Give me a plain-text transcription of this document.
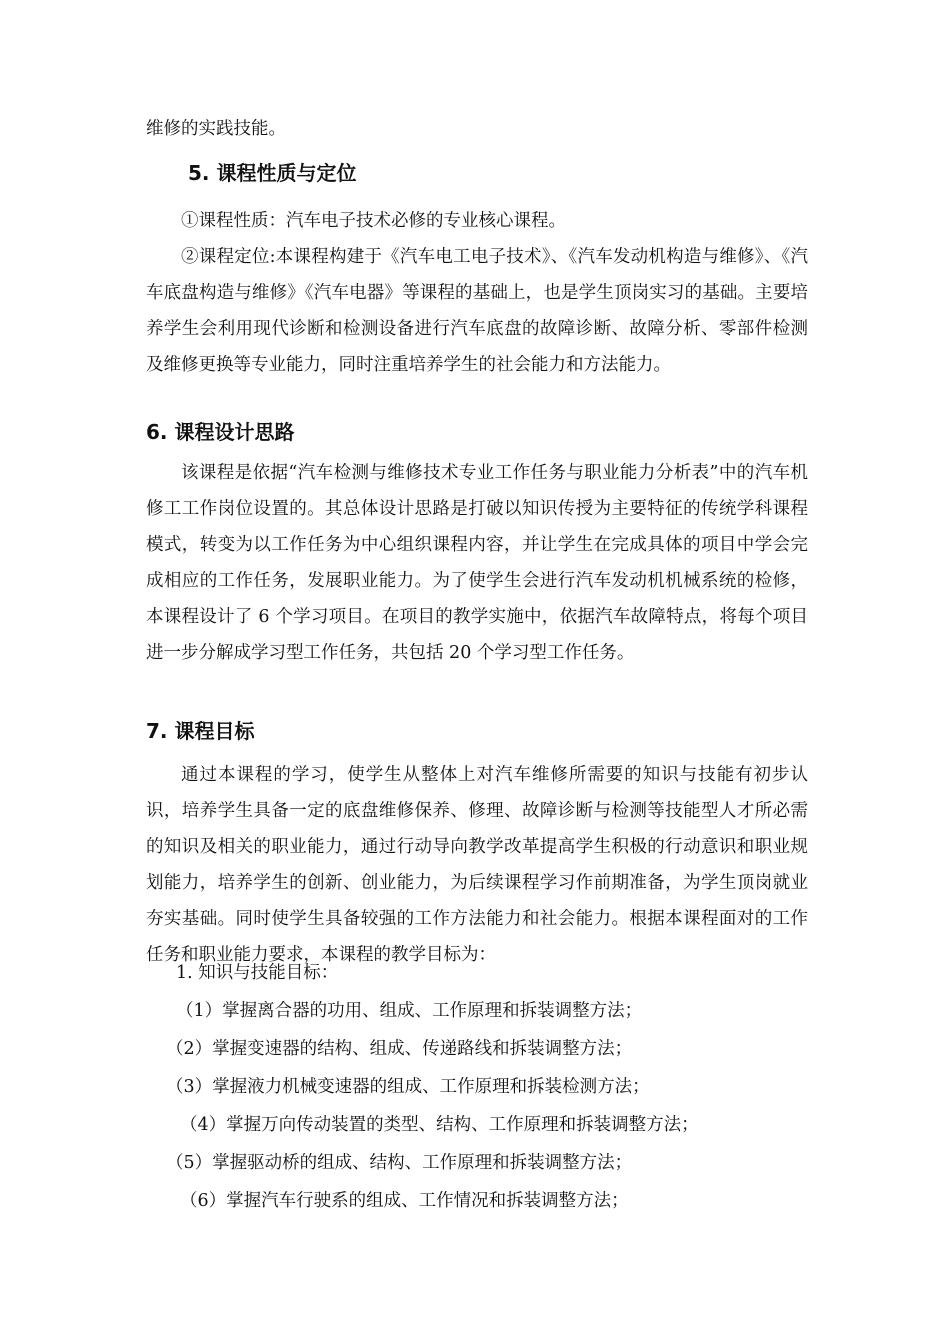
维修的实践技能。
5. 课程性质与定位

①课程性质：汽车电子技术必修的专业核心课程。

②课程定位:本课程构建于《汽车电工电子技术》、《汽车发动机构造与维修》、《汽车底盘构造与维修》《汽车电器》等课程的基础上，也是学生顶岗实习的基础。主要培养学生会利用现代诊断和检测设备进行汽车底盘的故障诊断、故障分析、零部件检测及维修更换等专业能力，同时注重培养学生的社会能力和方法能力。

6. 课程设计思路

该课程是依据“汽车检测与维修技术专业工作任务与职业能力分析表”中的汽车机修工工作岗位设置的。其总体设计思路是打破以知识传授为主要特征的传统学科课程模式，转变为以工作任务为中心组织课程内容，并让学生在完成具体的项目中学会完成相应的工作任务，发展职业能力。为了使学生会进行汽车发动机机械系统的检修，本课程设计了 6 个学习项目。在项目的教学实施中，依据汽车故障特点，将每个项目进一步分解成学习型工作任务，共包括 20 个学习型工作任务。

7. 课程目标

通过本课程的学习，使学生从整体上对汽车维修所需要的知识与技能有初步认识，培养学生具备一定的底盘维修保养、修理、故障诊断与检测等技能型人才所必需的知识及相关的职业能力，通过行动导向教学改革提高学生积极的行动意识和职业规划能力，培养学生的创新、创业能力，为后续课程学习作前期准备，为学生顶岗就业夯实基础。同时使学生具备较强的工作方法能力和社会能力。根据本课程面对的工作任务和职业能力要求，本课程的教学目标为：

1. 知识与技能目标：
（1）掌握离合器的功用、组成、工作原理和拆装调整方法；
（2）掌握变速器的结构、组成、传递路线和拆装调整方法；
（3）掌握液力机械变速器的组成、工作原理和拆装检测方法；
（4）掌握万向传动装置的类型、结构、工作原理和拆装调整方法；
（5）掌握驱动桥的组成、结构、工作原理和拆装调整方法；
（6）掌握汽车行驶系的组成、工作情况和拆装调整方法；
